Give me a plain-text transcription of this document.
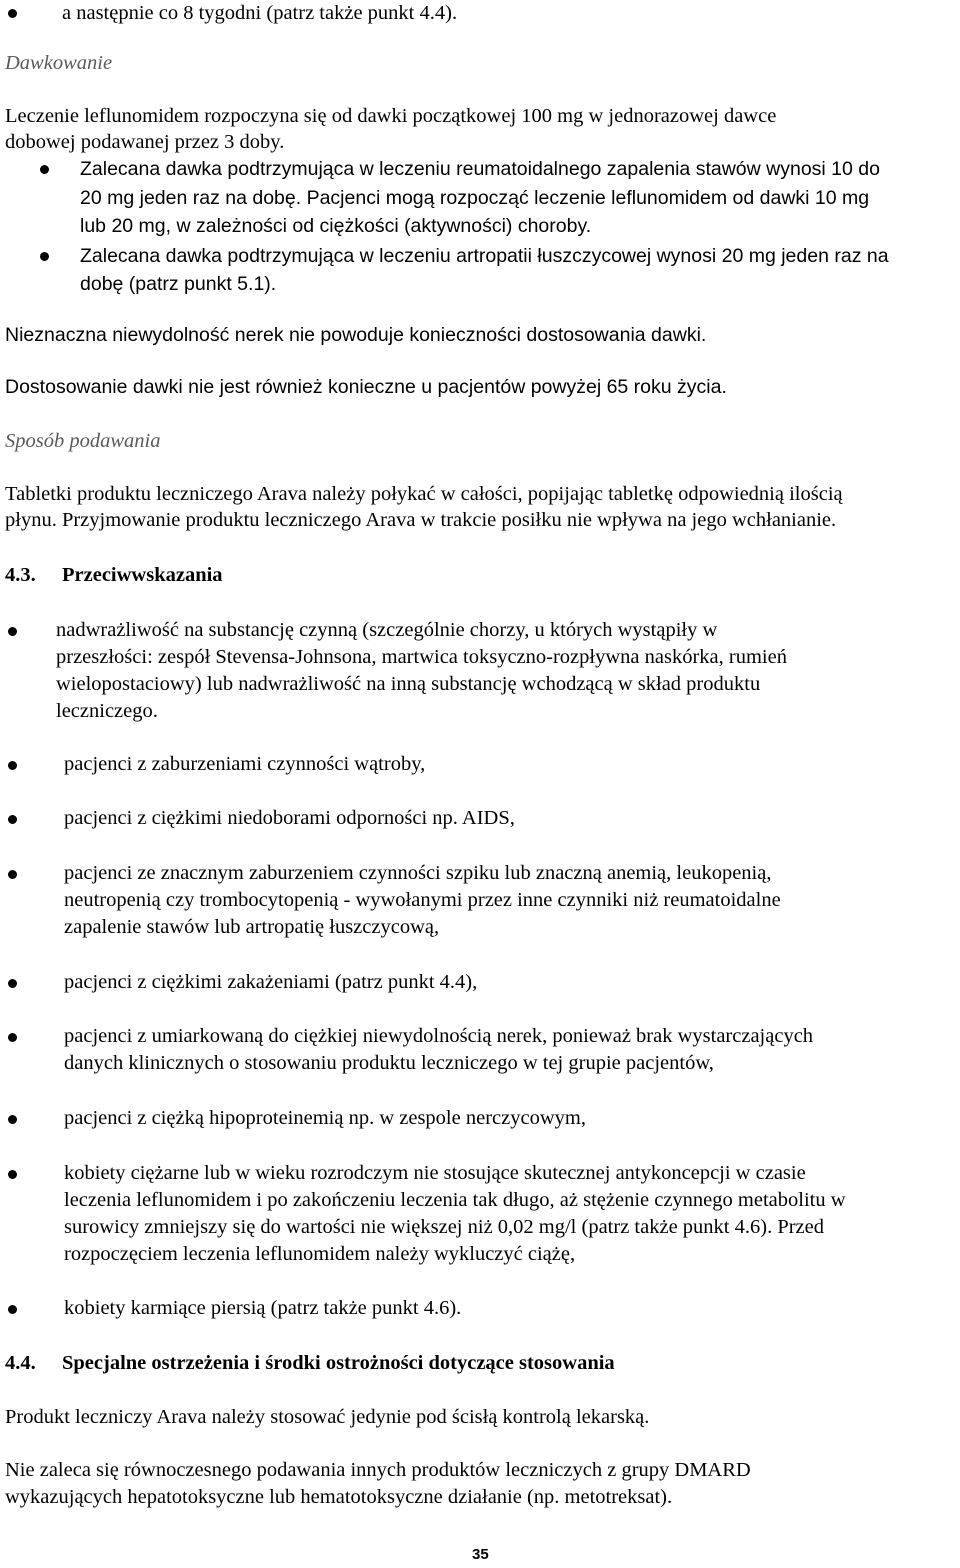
a następnie co 8 tygodni (patrz także punkt 4.4).
Dawkowanie
Leczenie leflunomidem rozpoczyna się od dawki początkowej 100 mg w jednorazowej dawce
dobowej podawanej przez 3 doby.
Zalecana dawka podtrzymująca w leczeniu reumatoidalnego zapalenia stawów wynosi 10 do
20 mg jeden raz na dobę. Pacjenci mogą rozpocząć leczenie leflunomidem od dawki 10 mg
lub 20 mg, w zależności od ciężkości (aktywności) choroby.
Zalecana dawka podtrzymująca w leczeniu artropatii łuszczycowej wynosi 20 mg jeden raz na
dobę (patrz punkt 5.1).
Nieznaczna niewydolność nerek nie powoduje konieczności dostosowania dawki.
Dostosowanie dawki nie jest również konieczne u pacjentów powyżej 65 roku życia.
Sposób podawania
Tabletki produktu leczniczego Arava należy połykać w całości, popijając tabletkę odpowiednią ilością
płynu. Przyjmowanie produktu leczniczego Arava w trakcie posiłku nie wpływa na jego wchłanianie.
4.3. Przeciwwskazania
nadwrażliwość na substancję czynną (szczególnie chorzy, u których wystąpiły w
przeszłości: zespół Stevensa-Johnsona, martwica toksyczno-rozpływna naskórka, rumień
wielopostaciowy) lub nadwrażliwość na inną substancję wchodzącą w skład produktu
leczniczego.
pacjenci z zaburzeniami czynności wątroby,
pacjenci z ciężkimi niedoborami odporności np. AIDS,
pacjenci ze znacznym zaburzeniem czynności szpiku lub znaczną anemią, leukopenią,
neutropenią czy trombocytopenią - wywołanymi przez inne czynniki niż reumatoidalne
zapalenie stawów lub artropatię łuszczycową,
pacjenci z ciężkimi zakażeniami (patrz punkt 4.4),
pacjenci z umiarkowaną do ciężkiej niewydolnością nerek, ponieważ brak wystarczających
danych klinicznych o stosowaniu produktu leczniczego w tej grupie pacjentów,
pacjenci z ciężką hipoproteinemią np. w zespole nerczycowym,
kobiety ciężarne lub w wieku rozrodczym nie stosujące skutecznej antykoncepcji w czasie
leczenia leflunomidem i po zakończeniu leczenia tak długo, aż stężenie czynnego metabolitu w
surowicy zmniejszy się do wartości nie większej niż 0,02 mg/l (patrz także punkt 4.6). Przed
rozpoczęciem leczenia leflunomidem należy wykluczyć ciążę,
kobiety karmiące piersią (patrz także punkt 4.6).
4.4. Specjalne ostrzeżenia i środki ostrożności dotyczące stosowania
Produkt leczniczy Arava należy stosować jedynie pod ścisłą kontrolą lekarską.
Nie zaleca się równoczesnego podawania innych produktów leczniczych z grupy DMARD
wykazujących hepatotoksyczne lub hematotoksyczne działanie (np. metotreksat).
35
